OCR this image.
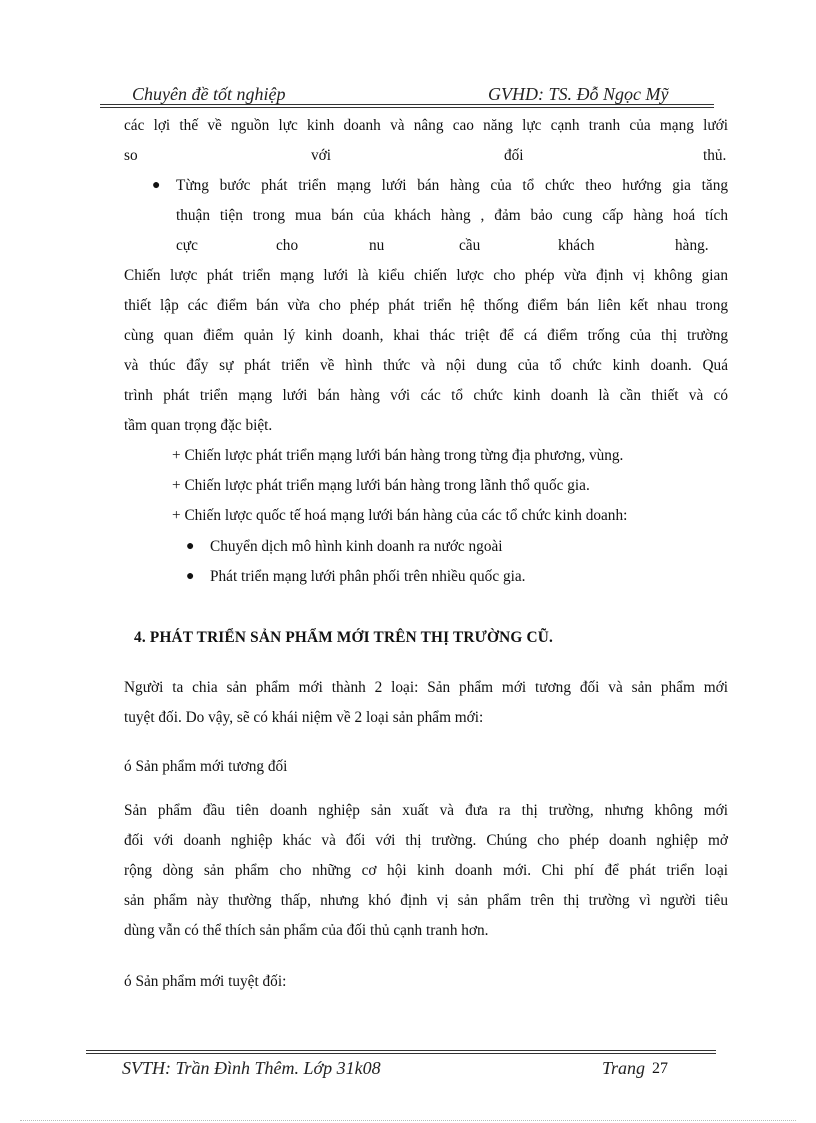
Chuyên đề tốt nghiệp	GVHD: TS. Đỗ Ngọc Mỹ
các lợi thế về nguồn lực kinh doanh và nâng cao năng lực cạnh tranh của mạng lưới
so	với	đối	thủ.
● Từng bước phát triển mạng lưới bán hàng của tổ chức theo hướng gia tăng
thuận tiện trong mua bán của khách hàng , đảm bảo cung cấp hàng hoá tích
cực	cho	nu	cầu	khách	hàng.
Chiến lược phát triển mạng lưới là kiểu chiến lược cho phép vừa định vị không gian
thiết lập các điểm bán vừa cho phép phát triển hệ thống điểm bán liên kết nhau trong
cùng quan điểm quản lý kinh doanh, khai thác triệt để cá điểm trống của thị trường
và thúc đẩy sự phát triển về hình thức và nội dung của tổ chức kinh doanh. Quá
trình phát triển mạng lưới bán hàng với các tổ chức kinh doanh là cần thiết và có
tầm quan trọng đặc biệt.
+ Chiến lược phát triển mạng lưới bán hàng trong từng địa phương, vùng.
+ Chiến lược phát triển mạng lưới bán hàng trong lãnh thổ quốc gia.
+ Chiến lược quốc tế hoá mạng lưới bán hàng của các tổ chức kinh doanh:
● Chuyển dịch mô hình kinh doanh ra nước ngoài
● Phát triển mạng lưới phân phối trên nhiều quốc gia.
4. PHÁT TRIỂN SẢN PHẨM MỚI TRÊN THỊ TRƯỜNG CŨ.
Người ta chia sản phẩm mới thành 2 loại: Sản phẩm mới tương đối và sản phẩm mới
tuyệt đối. Do vậy, sẽ có khái niệm về 2 loại sản phẩm mới:
ó Sản phẩm mới tương đối
Sản phẩm đầu tiên doanh nghiệp sản xuất và đưa ra thị trường, nhưng không mới
đối với doanh nghiệp khác và đối với thị trường. Chúng cho phép doanh nghiệp mở
rộng dòng sản phẩm cho những cơ hội kinh doanh mới. Chi phí để phát triển loại
sản phẩm này thường thấp, nhưng khó định vị sản phẩm trên thị trường vì người tiêu
dùng vẫn có thể thích sản phẩm của đối thủ cạnh tranh hơn.
ó Sản phẩm mới tuyệt đối:
SVTH: Trần Đình Thêm. Lớp 31k08	Trang 27
